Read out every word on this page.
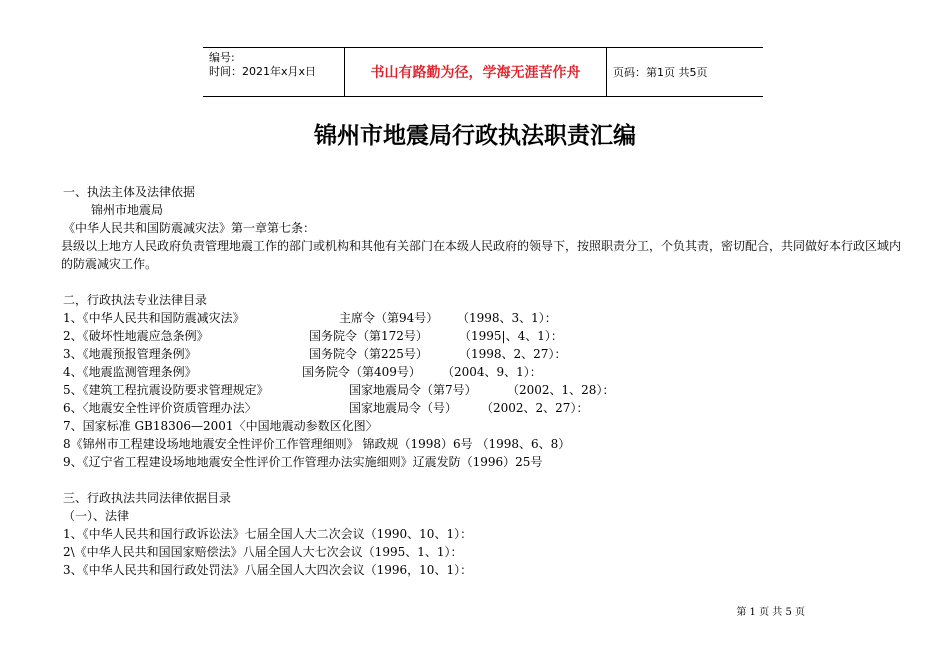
编号:
时间：2021年x月x日	书山有路勤为径，学海无涯苦作舟	页码：第1页 共5页
锦州市地震局行政执法职责汇编
一、执法主体及法律依据
锦州市地震局
《中华人民共和国防震减灾法》第一章第七条：
县级以上地方人民政府负责管理地震工作的部门或机构和其他有关部门在本级人民政府的领导下，按照职责分工，个负其责，密切配合，共同做好本行政区域内的防震减灾工作。
二，行政执法专业法律目录
1、《中华人民共和国防震减灾法》	主席令（第94号） （1998、3、1）：
2、《破坏性地震应急条例》	国务院令（第172号）	（1995|、4、1）：
3、《地震预报管理条例》	国务院令（第225号）	（1998、2、27）：
4、《地震监测管理条例》	国务院令（第409号） （2004、9、1）：
5、《建筑工程抗震设防要求管理规定》	国家地震局令（第7号）	（2002、1、28）：
6、〈地震安全性评价资质管理办法〉	国家地震局令（号） （2002、2、27）：
7、国家标准 GB18306—2001〈中国地震动参数区化图〉
8《锦州市工程建设场地地震安全性评价工作管理细则》 锦政规（1998）6号 （1998、6、8）
9、《辽宁省工程建设场地地震安全性评价工作管理办法实施细则》辽震发防（1996）25号
三、行政执法共同法律依据目录
（一）、法律
1、《中华人民共和国行政诉讼法》七届全国人大二次会议（1990、10、1）：
2\《中华人民共和国国家赔偿法》八届全国人大七次会议（1995、1、1）：
3、《中华人民共和国行政处罚法》八届全国人大四次会议（1996，10、1）：
第 1 页 共 5 页
